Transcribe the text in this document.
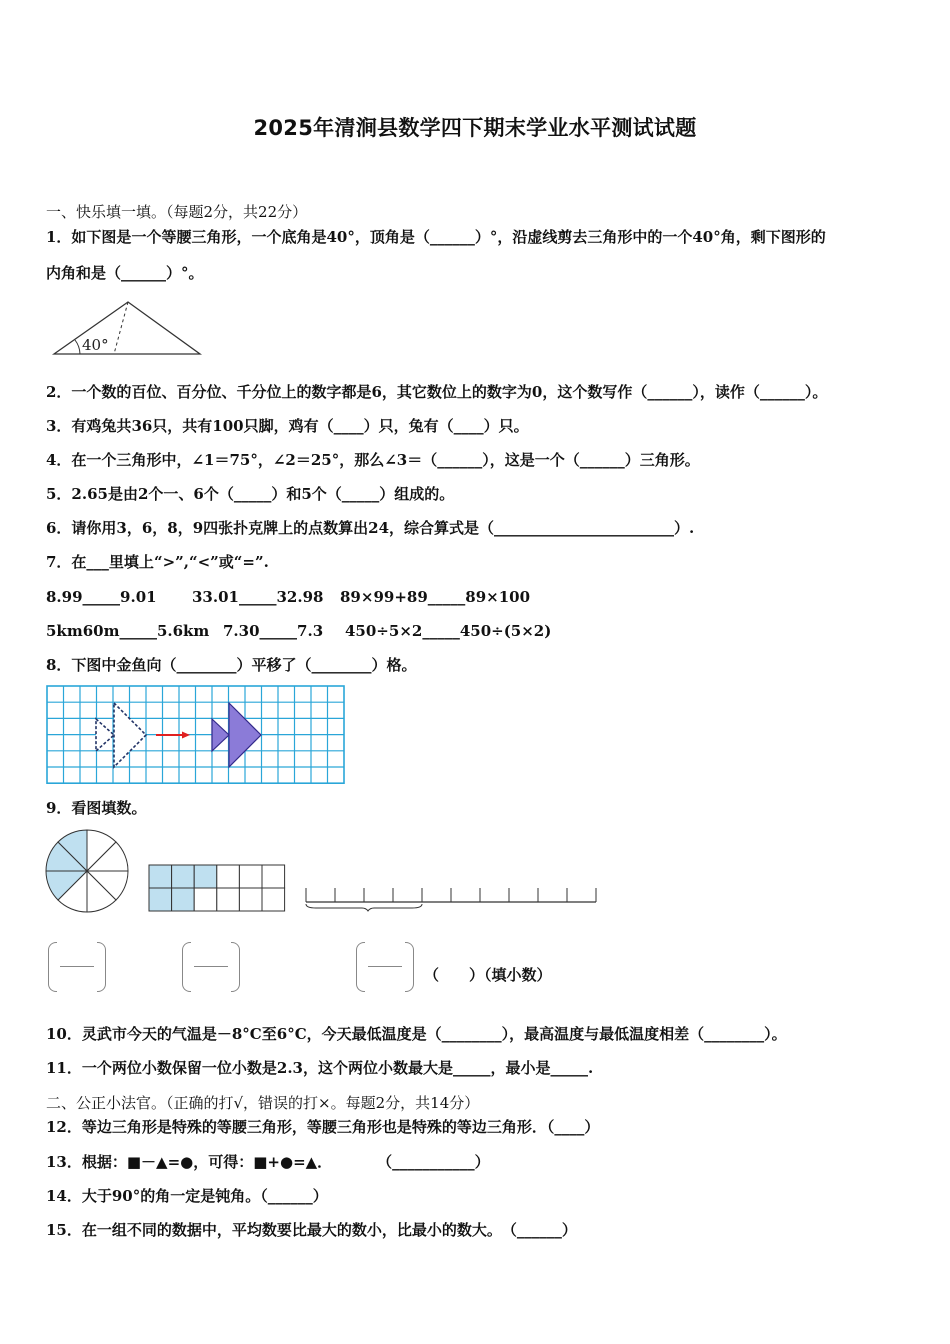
2025年清涧县数学四下期末学业水平测试试题
一、快乐填一填。（每题2分，共22分）
1．如下图是一个等腰三角形，一个底角是40°，顶角是（______）°，沿虚线剪去三角形中的一个40°角，剩下图形的
内角和是（______）°。
40°
2．一个数的百位、百分位、千分位上的数字都是6，其它数位上的数字为0，这个数写作（______），读作（______）。
3．有鸡兔共36只，共有100只脚，鸡有（____）只，兔有（____）只。
4．在一个三角形中，∠1＝75°，∠2＝25°，那么∠3＝（______），这是一个（______）三角形。
5．2.65是由2个一、6个（_____）和5个（_____）组成的。
6．请你用3，6，8，9四张扑克牌上的点数算出24，综合算式是（________________________）.
7．在___里填上“>”,“<”或“=”.
8.99_____9.01 33.01_____32.98 89×99+89_____89×100
5km60m_____5.6km 7.30_____7.3 450÷5×2_____450÷(5×2)
8．下图中金鱼向（________）平移了（________）格。
9．看图填数。
（　　）（填小数）
10．灵武市今天的气温是－8°C至6°C，今天最低温度是（________），最高温度与最低温度相差（________）。
11．一个两位小数保留一位小数是2.3，这个两位小数最大是_____，最小是_____.
二、公正小法官。（正确的打√，错误的打×。每题2分，共14分）
12．等边三角形是特殊的等腰三角形，等腰三角形也是特殊的等边三角形．（____）
13．根据：■－▲=●，可得：■+●=▲．　　　　（___________）
14．大于90°的角一定是钝角。（______）
15．在一组不同的数据中，平均数要比最大的数小，比最小的数大。　（______）
